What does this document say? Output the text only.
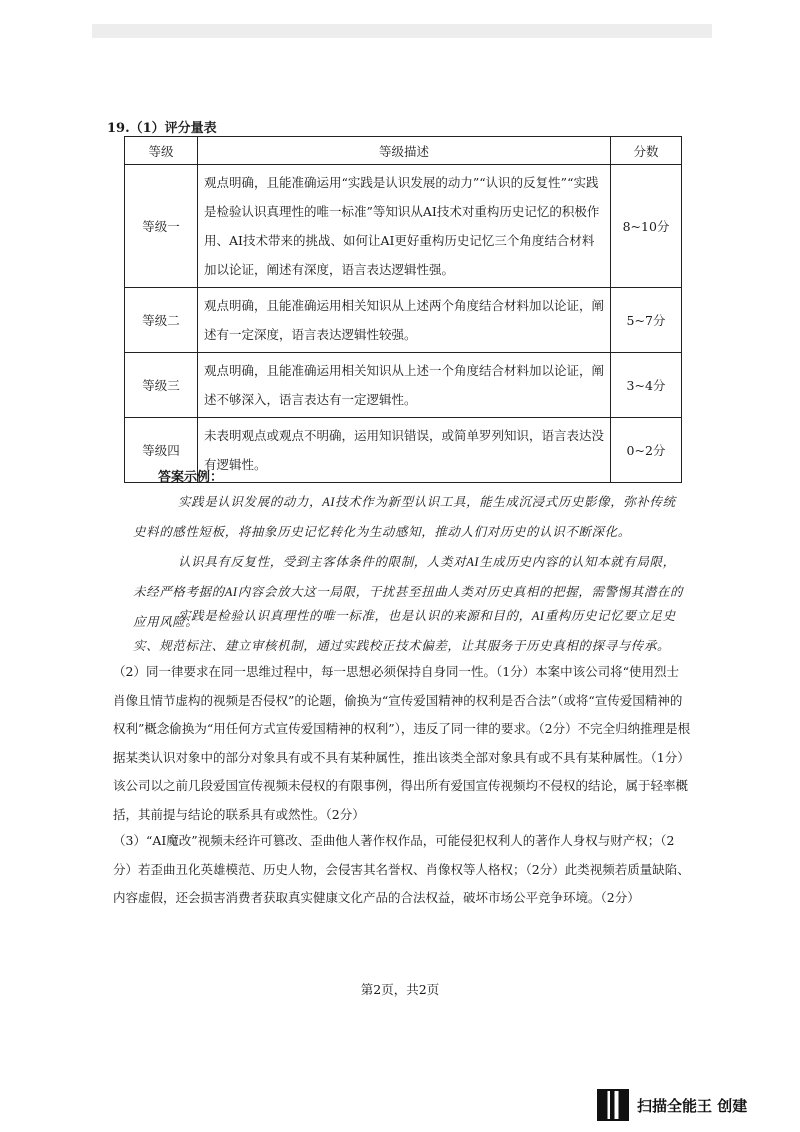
19.（1）评分量表
等级	等级描述	分数
等级一	观点明确，且能准确运用“实践是认识发展的动力”“认识的反复性”“实践是检验认识真理性的唯一标准”等知识从AI技术对重构历史记忆的积极作用、AI技术带来的挑战、如何让AI更好重构历史记忆三个角度结合材料加以论证，阐述有深度，语言表达逻辑性强。	8~10分
等级二	观点明确，且能准确运用相关知识从上述两个角度结合材料加以论证，阐述有一定深度，语言表达逻辑性较强。	5~7分
等级三	观点明确，且能准确运用相关知识从上述一个角度结合材料加以论证，阐述不够深入，语言表达有一定逻辑性。	3~4分
等级四	未表明观点或观点不明确，运用知识错误，或简单罗列知识，语言表达没有逻辑性。	0~2分
答案示例：
实践是认识发展的动力，AI技术作为新型认识工具，能生成沉浸式历史影像，弥补传统史料的感性短板，将抽象历史记忆转化为生动感知，推动人们对历史的认识不断深化。
认识具有反复性，受到主客体条件的限制，人类对AI生成历史内容的认知本就有局限，未经严格考据的AI内容会放大这一局限，干扰甚至扭曲人类对历史真相的把握，需警惕其潜在的应用风险。
实践是检验认识真理性的唯一标准，也是认识的来源和目的，AI重构历史记忆要立足史实、规范标注、建立审核机制，通过实践校正技术偏差，让其服务于历史真相的探寻与传承。
（2）同一律要求在同一思维过程中，每一思想必须保持自身同一性。（1分）本案中该公司将“使用烈士肖像且情节虚构的视频是否侵权”的论题，偷换为“宣传爱国精神的权利是否合法”（或将“宣传爱国精神的权利”概念偷换为“用任何方式宣传爱国精神的权利”），违反了同一律的要求。（2分）不完全归纳推理是根据某类认识对象中的部分对象具有或不具有某种属性，推出该类全部对象具有或不具有某种属性。（1分）该公司以之前几段爱国宣传视频未侵权的有限事例，得出所有爱国宣传视频均不侵权的结论，属于轻率概括，其前提与结论的联系具有或然性。（2分）
（3）“AI魔改”视频未经许可篡改、歪曲他人著作权作品，可能侵犯权利人的著作人身权与财产权；（2分）若歪曲丑化英雄模范、历史人物，会侵害其名誉权、肖像权等人格权；（2分）此类视频若质量缺陷、内容虚假，还会损害消费者获取真实健康文化产品的合法权益，破坏市场公平竞争环境。（2分）
第2页，共2页
扫描全能王 创建
